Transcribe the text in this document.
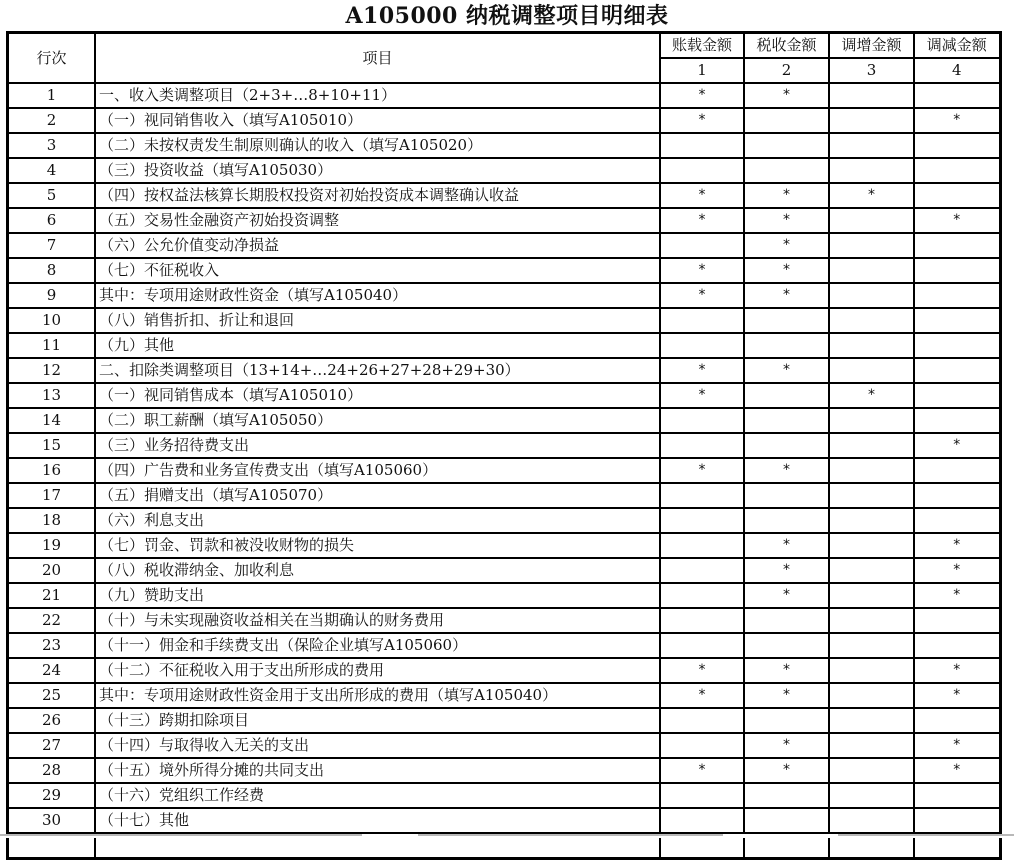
A105000 纳税调整项目明细表
行次	项目	账载金额	税收金额	调增金额	调减金额
		1	2	3	4
1	一、收入类调整项目（2+3+…8+10+11）	*	*		
2	（一）视同销售收入（填写A105010）	*			*
3	（二）未按权责发生制原则确认的收入（填写A105020）				
4	（三）投资收益（填写A105030）				
5	（四）按权益法核算长期股权投资对初始投资成本调整确认收益	*	*	*	
6	（五）交易性金融资产初始投资调整	*	*		*
7	（六）公允价值变动净损益		*		
8	（七）不征税收入	*	*		
9	其中：专项用途财政性资金（填写A105040）	*	*		
10	（八）销售折扣、折让和退回				
11	（九）其他				
12	二、扣除类调整项目（13+14+…24+26+27+28+29+30）	*	*		
13	（一）视同销售成本（填写A105010）	*		*	
14	（二）职工薪酬（填写A105050）				
15	（三）业务招待费支出				*
16	（四）广告费和业务宣传费支出（填写A105060）	*	*		
17	（五）捐赠支出（填写A105070）				
18	（六）利息支出				
19	（七）罚金、罚款和被没收财物的损失		*		*
20	（八）税收滞纳金、加收利息		*		*
21	（九）赞助支出		*		*
22	（十）与未实现融资收益相关在当期确认的财务费用				
23	（十一）佣金和手续费支出（保险企业填写A105060）				
24	（十二）不征税收入用于支出所形成的费用	*	*		*
25	其中：专项用途财政性资金用于支出所形成的费用（填写A105040）	*	*		*
26	（十三）跨期扣除项目				
27	（十四）与取得收入无关的支出		*		*
28	（十五）境外所得分摊的共同支出	*	*		*
29	（十六）党组织工作经费				
30	（十七）其他				
